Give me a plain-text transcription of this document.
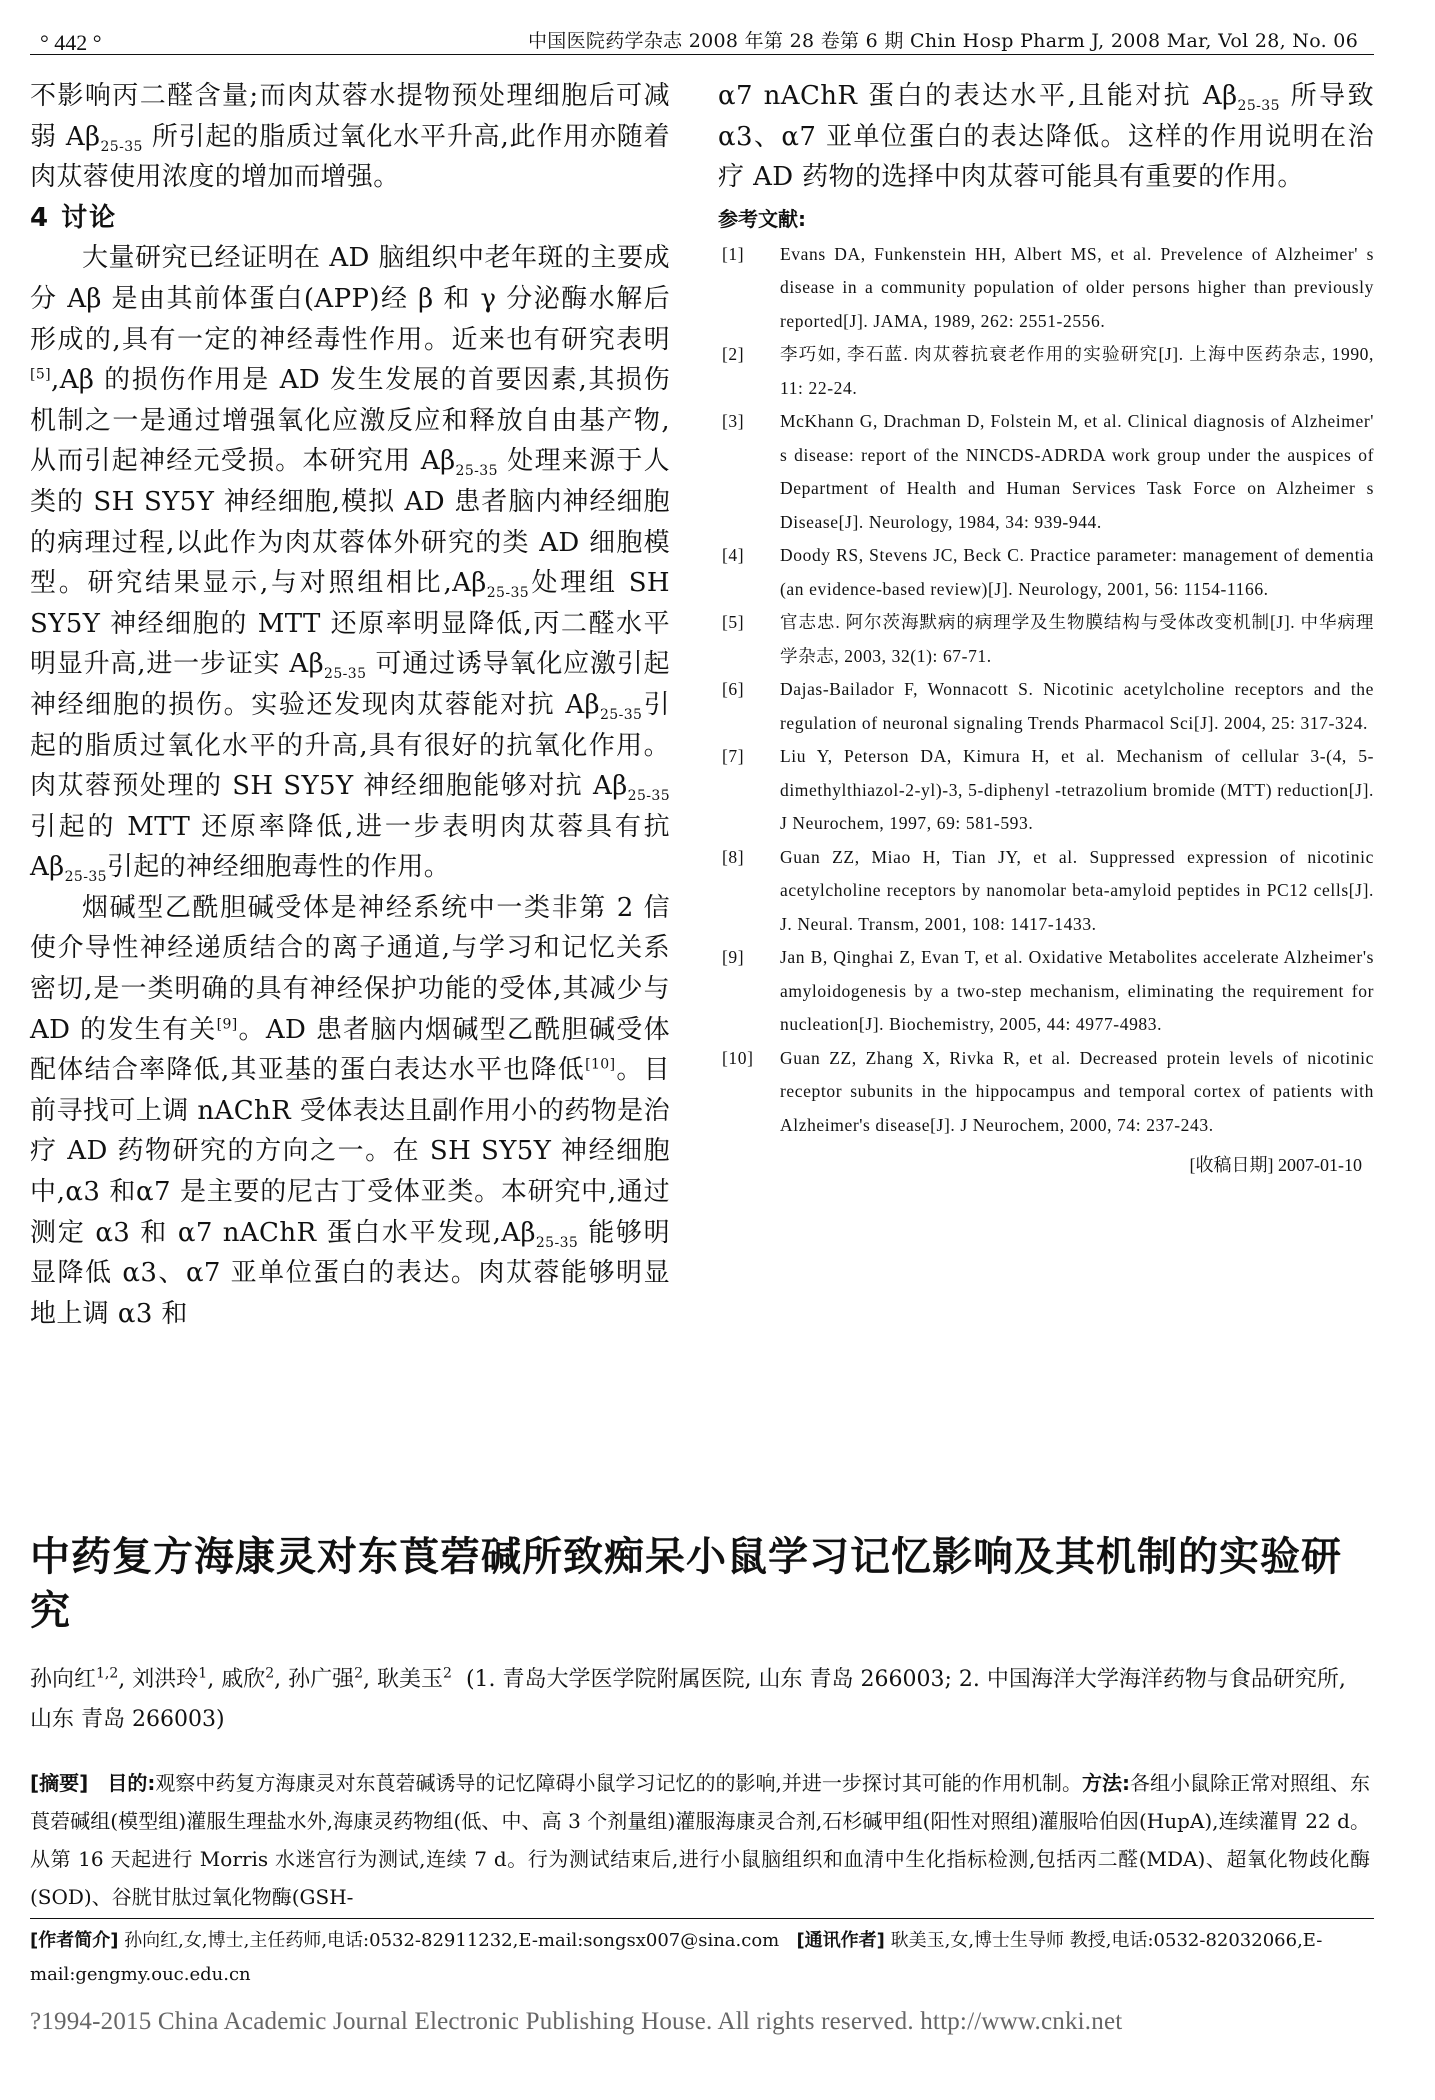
° 442 °	中国医院药学杂志 2008 年第 28 卷第 6 期 Chin Hosp Pharm J, 2008 Mar, Vol 28, No. 06

不影响丙二醛含量;而肉苁蓉水提物预处理细胞后可减弱 $A\beta_{25-35}$ 所引起的脂质过氧化水平升高,此作用亦随着肉苁蓉使用浓度的增加而增强。

4 讨论

大量研究已经证明在 AD 脑组织中老年斑的主要成分 Aβ 是由其前体蛋白(APP)经 β 和 γ 分泌酶水解后形成的,具有一定的神经毒性作用。近来也有研究表明[5],Aβ 的损伤作用是 AD 发生发展的首要因素,其损伤机制之一是通过增强氧化应激反应和释放自由基产物,从而引起神经元受损。本研究用 $A\beta_{25-35}$ 处理来源于人类的 SH SY5Y 神经细胞,模拟 AD 患者脑内神经细胞的病理过程,以此作为肉苁蓉体外研究的类 AD 细胞模型。研究结果显示,与对照组相比$,A\beta_{25-35}$处理组 SH SY5Y 神经细胞的 MTT 还原率明显降低,丙二醛水平明显升高,进一步证实 $A\beta_{25-35}$ 可通过诱导氧化应激引起神经细胞的损伤。实验还发现肉苁蓉能对抗 $A\beta_{25-35}$引起的脂质过氧化水平的升高,具有很好的抗氧化作用。肉苁蓉预处理的 SH SY5Y 神经细胞能够对抗 $A\beta_{25-35}$ 引起的 MTT 还原率降低,进一步表明肉苁蓉具有抗 $A\beta_{25-35}$引起的神经细胞毒性的作用。

烟碱型乙酰胆碱受体是神经系统中一类非第 2 信使介导性神经递质结合的离子通道,与学习和记忆关系密切,是一类明确的具有神经保护功能的受体,其减少与 AD 的发生有关[9]。AD 患者脑内烟碱型乙酰胆碱受体 配体结合率降低,其亚基的蛋白表达水平也降低[10]。目前寻找可上调 nAChR 受体表达且副作用小的药物是治疗 AD 药物研究的方向之一。在 SH SY5Y 神经细胞中,α3 和α7 是主要的尼古丁受体亚类。本研究中,通过测定 α3 和 α7 nAChR 蛋白水平发现$,A\beta_{25-35}$ 能够明显降低 α3、α7 亚单位蛋白的表达。肉苁蓉能够明显地上调 α3 和

α7 nAChR 蛋白的表达水平,且能对抗 $A\beta_{25-35}$ 所导致 α3、α7 亚单位蛋白的表达降低。这样的作用说明在治疗 AD 药物的选择中肉苁蓉可能具有重要的作用。

参考文献:

[1] Evans DA, Funkenstein HH, Albert MS, et al. Prevelence of Alzheimer' s disease in a community population of older persons higher than previously reported[J]. JAMA, 1989, 262: 2551-2556.
[2] 李巧如, 李石蓝. 肉苁蓉抗衰老作用的实验研究[J]. 上海中医药杂志, 1990, 11: 22-24.
[3] McKhann G, Drachman D, Folstein M, et al. Clinical diagnosis of Alzheimer' s disease: report of the NINCDS-ADRDA work group under the auspices of Department of Health and Human Services Task Force on Alzheimer s Disease[J]. Neurology, 1984, 34: 939-944.
[4] Doody RS, Stevens JC, Beck C. Practice parameter: management of dementia (an evidence-based review)[J]. Neurology, 2001, 56: 1154-1166.
[5] 官志忠. 阿尔茨海默病的病理学及生物膜结构与受体改变机制[J]. 中华病理学杂志, 2003, 32(1): 67-71.
[6] Dajas-Bailador F, Wonnacott S. Nicotinic acetylcholine receptors and the regulation of neuronal signaling Trends Pharmacol Sci[J]. 2004, 25: 317-324.
[7] Liu Y, Peterson DA, Kimura H, et al. Mechanism of cellular 3-(4, 5-dimethylthiazol-2-yl)-3, 5-diphenyl -tetrazolium bromide (MTT) reduction[J]. J Neurochem, 1997, 69: 581-593.
[8] Guan ZZ, Miao H, Tian JY, et al. Suppressed expression of nicotinic acetylcholine receptors by nanomolar beta-amyloid peptides in PC12 cells[J]. J. Neural. Transm, 2001, 108: 1417-1433.
[9] Jan B, Qinghai Z, Evan T, et al. Oxidative Metabolites accelerate Alzheimer's amyloidogenesis by a two-step mechanism, eliminating the requirement for nucleation[J]. Biochemistry, 2005, 44: 4977-4983.
[10] Guan ZZ, Zhang X, Rivka R, et al. Decreased protein levels of nicotinic receptor subunits in the hippocampus and temporal cortex of patients with Alzheimer's disease[J]. J Neurochem, 2000, 74: 237-243.
[收稿日期] 2007-01-10
中药复方海康灵对东莨菪碱所致痴呆小鼠学习记忆影响及其机制的实验研究

孙向红$^{1,2}$, 刘洪玲$^1$, 戚欣$^2$, 孙广强$^2$, 耿美玉$^2$ (1. 青岛大学医学院附属医院, 山东 青岛 266003; 2. 中国海洋大学海洋药物与食品研究所, 山东 青岛 266003)

[摘要] 目的:观察中药复方海康灵对东莨菪碱诱导的记忆障碍小鼠学习记忆的的影响,并进一步探讨其可能的作用机制。方法:各组小鼠除正常对照组、东莨菪碱组(模型组)灌服生理盐水外,海康灵药物组(低、中、高 3 个剂量组)灌服海康灵合剂,石杉碱甲组(阳性对照组)灌服哈伯因(HupA),连续灌胃 22 d。从第 16 天起进行 Morris 水迷宫行为测试,连续 7 d。行为测试结束后,进行小鼠脑组织和血清中生化指标检测,包括丙二醛(MDA)、超氧化物歧化酶(SOD)、谷胱甘肽过氧化物酶(GSH-

[作者简介] 孙向红,女,博士,主任药师,电话:0532-82911232,E-mail:songsx007@sina.com   [通讯作者] 耿美玉,女,博士生导师 教授,电话:0532-82032066,E-mail:gengmy.ouc.edu.cn

?1994-2015 China Academic Journal Electronic Publishing House. All rights reserved. http://www.cnki.net
